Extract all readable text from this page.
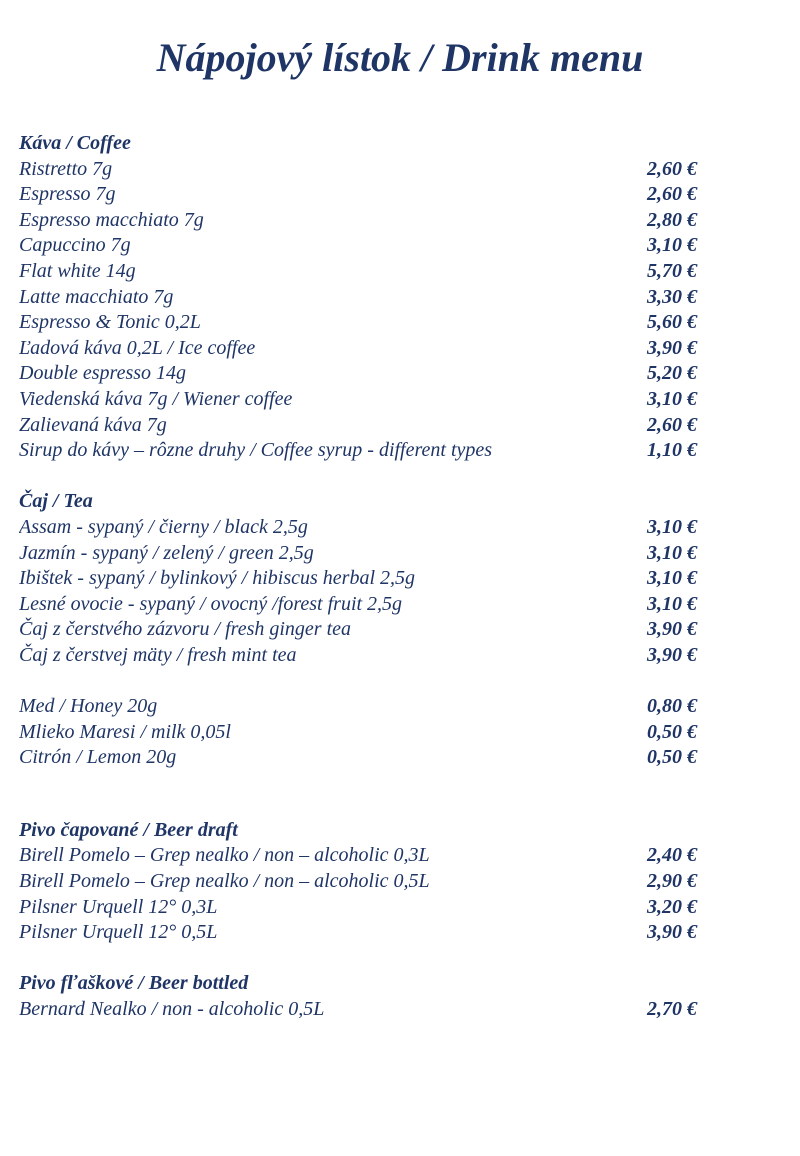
Nápojový lístok / Drink menu
Káva / Coffee
Ristretto 7g	2,60 €
Espresso 7g	2,60 €
Espresso macchiato 7g	2,80 €
Capuccino 7g	3,10 €
Flat white 14g	5,70 €
Latte macchiato 7g	3,30 €
Espresso & Tonic 0,2L	5,60 €
Ľadová káva 0,2L / Ice coffee	3,90 €
Double espresso 14g	5,20 €
Viedenská káva 7g / Wiener coffee	3,10 €
Zalievaná káva 7g	2,60 €
Sirup do kávy – rôzne druhy / Coffee syrup - different types	1,10 €
Čaj / Tea
Assam - sypaný / čierny / black 2,5g	3,10 €
Jazmín - sypaný / zelený / green 2,5g	3,10 €
Ibištek - sypaný / bylinkový / hibiscus herbal 2,5g	3,10 €
Lesné ovocie - sypaný / ovocný /forest fruit 2,5g	3,10 €
Čaj z čerstvého zázvoru / fresh ginger tea	3,90 €
Čaj z čerstvej mäty / fresh mint tea	3,90 €
Med / Honey 20g	0,80 €
Mlieko Maresi / milk 0,05l	0,50 €
Citrón / Lemon 20g	0,50 €
Pivo čapované / Beer draft
Birell Pomelo – Grep nealko / non – alcoholic 0,3L	2,40 €
Birell Pomelo – Grep nealko / non – alcoholic 0,5L	2,90 €
Pilsner Urquell 12° 0,3L	3,20 €
Pilsner Urquell 12° 0,5L	3,90 €
Pivo fľaškové / Beer bottled
Bernard Nealko / non - alcoholic 0,5L	2,70 €
